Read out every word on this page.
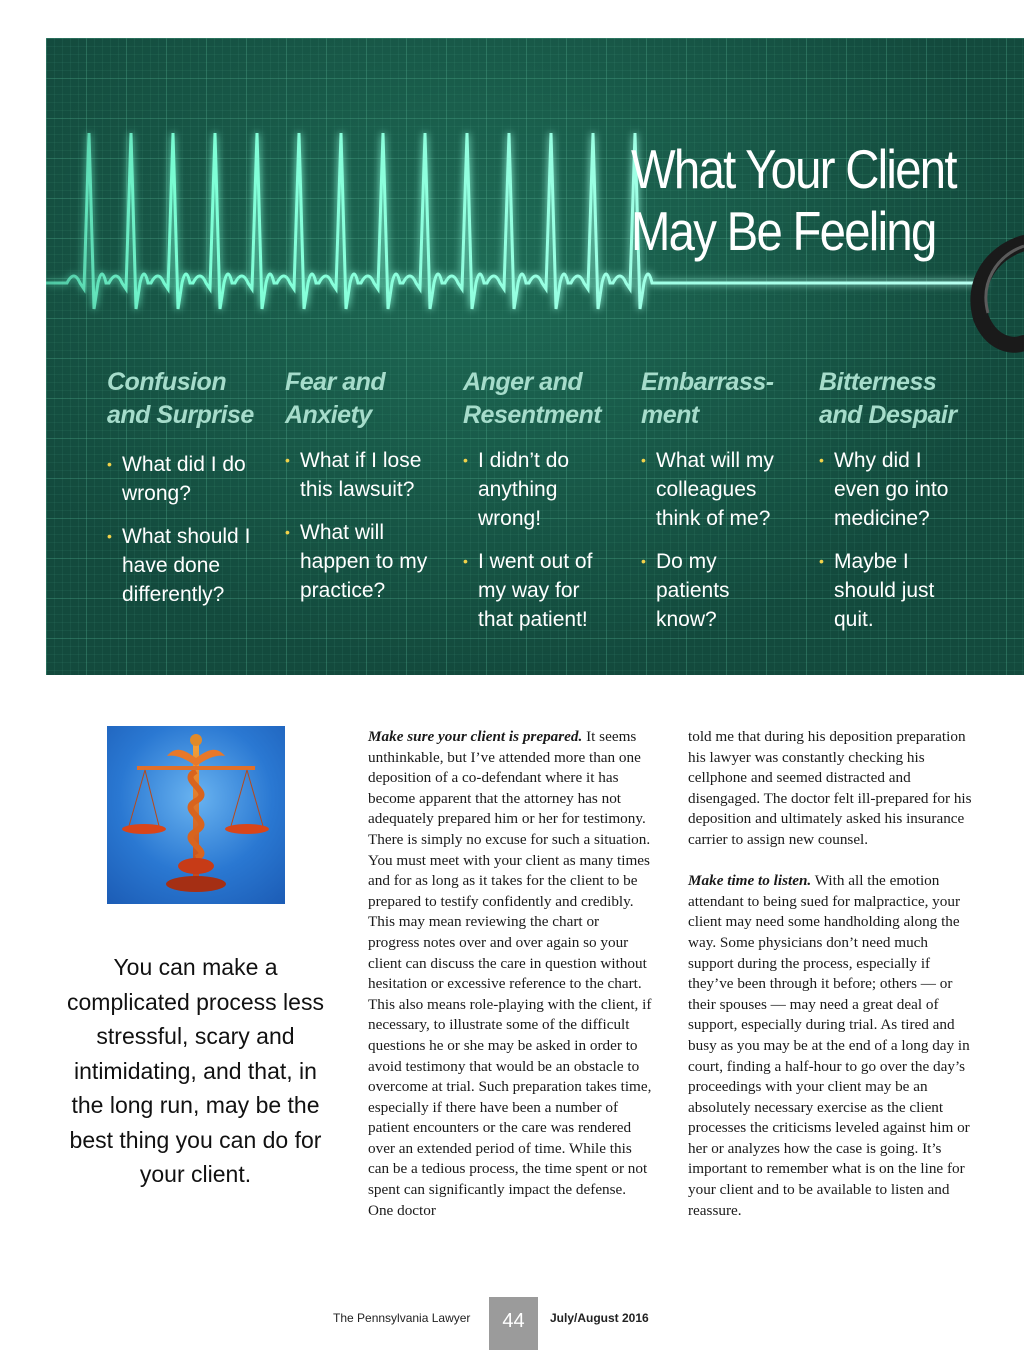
What Your Client
May Be Feeling
Confusion and Surprise
• What did I do wrong?
• What should I have done differently?
Fear and Anxiety
• What if I lose this lawsuit?
• What will happen to my practice?
Anger and Resentment
• I didn’t do anything wrong!
• I went out of my way for that patient!
Embarrass-ment
• What will my colleagues think of me?
• Do my patients know?
Bitterness and Despair
• Why did I even go into medicine?
• Maybe I should just quit.
You can make a complicated process less stressful, scary and intimidating, and that, in the long run, may be the best thing you can do for your client.

Make sure your client is prepared. It seems unthinkable, but I’ve attended more than one deposition of a co-defendant where it has become apparent that the attorney has not adequately prepared him or her for testimony. There is simply no excuse for such a situation. You must meet with your client as many times and for as long as it takes for the client to be prepared to testify confidently and credibly. This may mean reviewing the chart or progress notes over and over again so your client can discuss the care in question without hesitation or excessive reference to the chart. This also means role-playing with the client, if necessary, to illustrate some of the difficult questions he or she may be asked in order to avoid testimony that would be an obstacle to overcome at trial. Such preparation takes time, especially if there have been a number of patient encounters or the care was rendered over an extended period of time. While this can be a tedious process, the time spent or not spent can significantly impact the defense. One doctor

told me that during his deposition preparation his lawyer was constantly checking his cellphone and seemed distracted and disengaged. The doctor felt ill-prepared for his deposition and ultimately asked his insurance carrier to assign new counsel.

Make time to listen. With all the emotion attendant to being sued for malpractice, your client may need some handholding along the way. Some physicians don’t need much support during the process, especially if they’ve been through it before; others — or their spouses — may need a great deal of support, especially during trial. As tired and busy as you may be at the end of a long day in court, finding a half-hour to go over the day’s proceedings with your client may be an absolutely necessary exercise as the client processes the criticisms leveled against him or her or analyzes how the case is going. It’s important to remember what is on the line for your client and to be available to listen and reassure.

The Pennsylvania Lawyer	44	July/August 2016
